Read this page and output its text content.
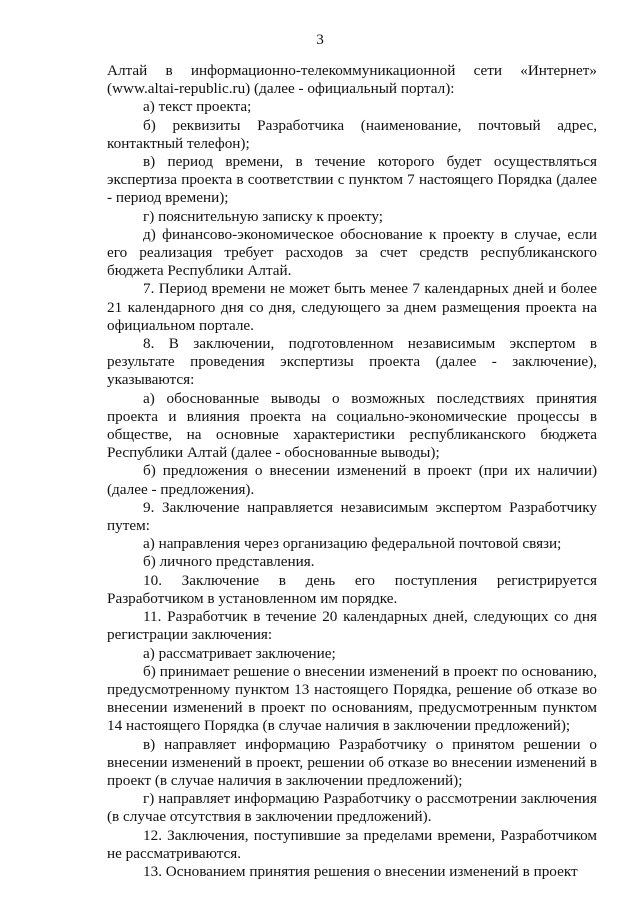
3

Алтай в информационно-телекоммуникационной сети «Интернет» (www.altai-republic.ru) (далее - официальный портал):

а) текст проекта;

б) реквизиты Разработчика (наименование, почтовый адрес, контактный телефон);

в) период времени, в течение которого будет осуществляться экспертиза проекта в соответствии с пунктом 7 настоящего Порядка (далее - период времени);

г) пояснительную записку к проекту;

д) финансово-экономическое обоснование к проекту в случае, если его реализация требует расходов за счет средств республиканского бюджета Республики Алтай.

7. Период времени не может быть менее 7 календарных дней и более 21 календарного дня со дня, следующего за днем размещения проекта на официальном портале.

8. В заключении, подготовленном независимым экспертом в результате проведения экспертизы проекта (далее - заключение), указываются:

а) обоснованные выводы о возможных последствиях принятия проекта и влияния проекта на социально-экономические процессы в обществе, на основные характеристики республиканского бюджета Республики Алтай (далее - обоснованные выводы);

б) предложения о внесении изменений в проект (при их наличии) (далее - предложения).

9. Заключение направляется независимым экспертом Разработчику путем:

а) направления через организацию федеральной почтовой связи;

б) личного представления.

10. Заключение в день его поступления регистрируется Разработчиком в установленном им порядке.

11. Разработчик в течение 20 календарных дней, следующих со дня регистрации заключения:

а) рассматривает заключение;

б) принимает решение о внесении изменений в проект по основанию, предусмотренному пунктом 13 настоящего Порядка, решение об отказе во внесении изменений в проект по основаниям, предусмотренным пунктом 14 настоящего Порядка (в случае наличия в заключении предложений);

в) направляет информацию Разработчику о принятом решении о внесении изменений в проект, решении об отказе во внесении изменений в проект (в случае наличия в заключении предложений);

г) направляет информацию Разработчику о рассмотрении заключения (в случае отсутствия в заключении предложений).

12. Заключения, поступившие за пределами времени, Разработчиком не рассматриваются.

13. Основанием принятия решения о внесении изменений в проект
